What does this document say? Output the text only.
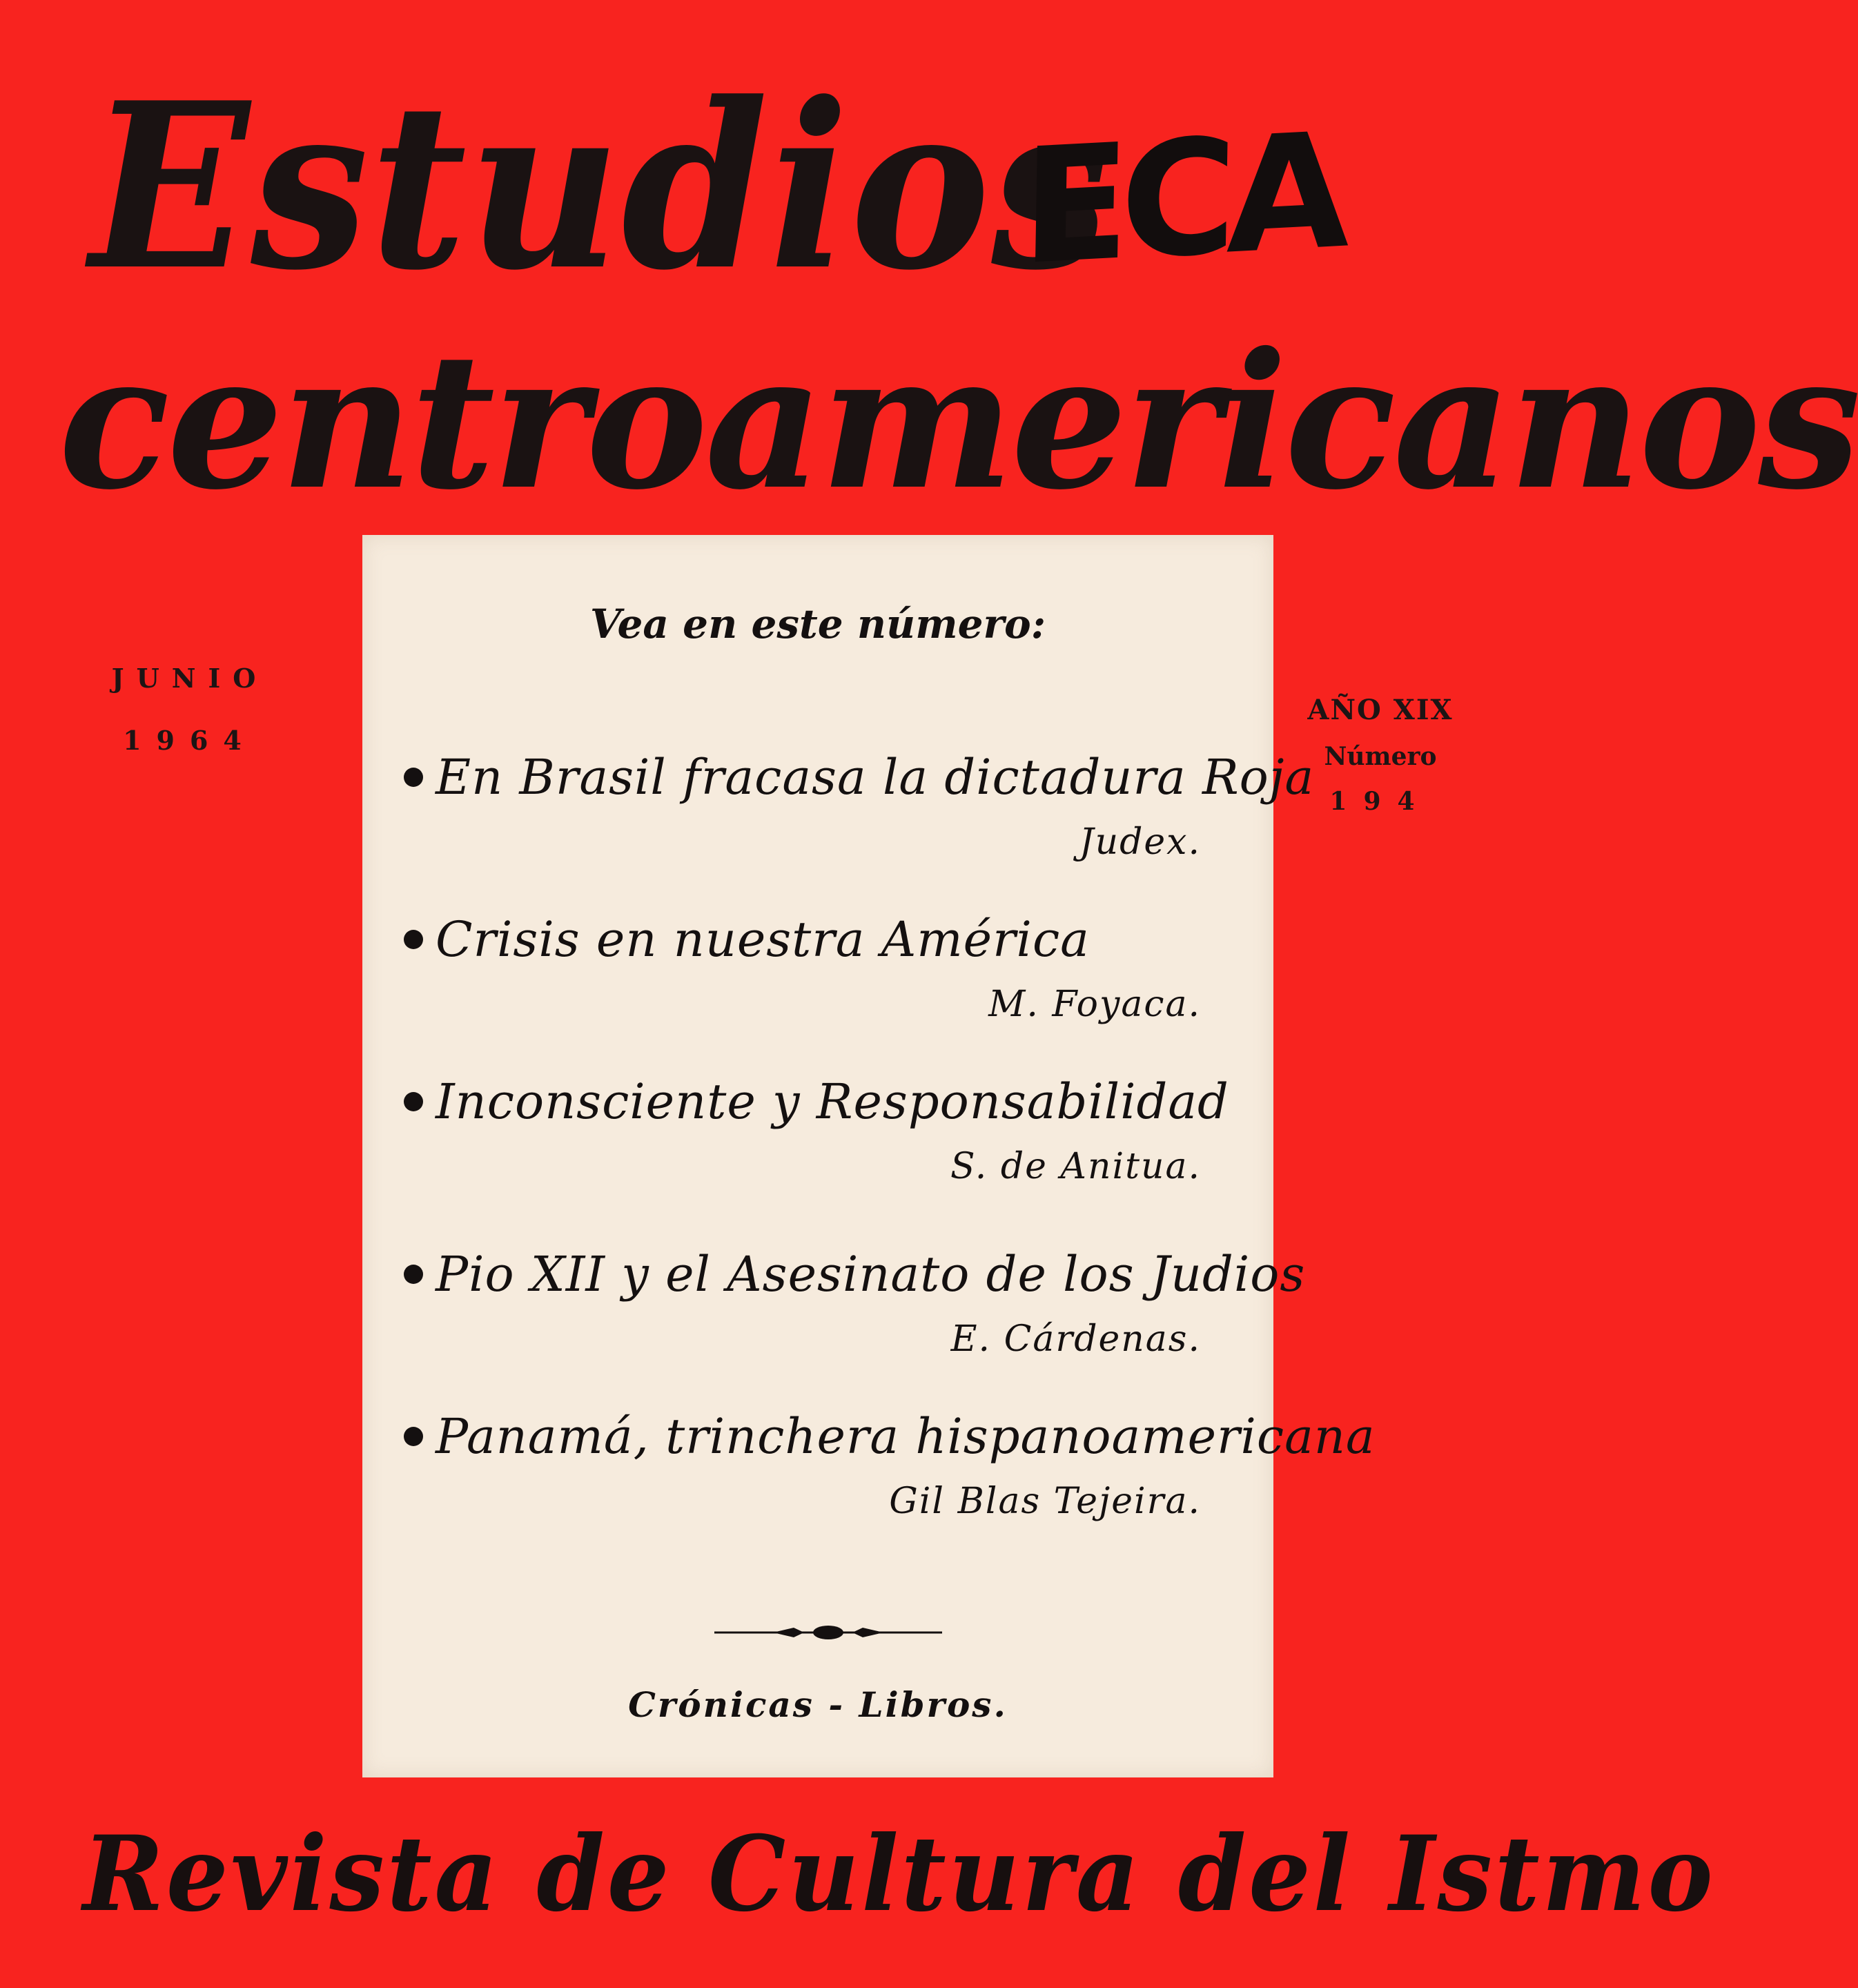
Estudios
centroamericanos
ECA
JUNIO
1964
AÑO XIX
Número
194
Vea en este número:
En Brasil fracasa la dictadura Roja
Judex.
Crisis en nuestra América
M. Foyaca.
Inconsciente y Responsabilidad
S. de Anitua.
Pio XII y el Asesinato de los Judios
E. Cárdenas.
Panamá, trinchera hispanoamericana
Gil Blas Tejeira.
Crónicas - Libros.
Revista de Cultura del Istmo
